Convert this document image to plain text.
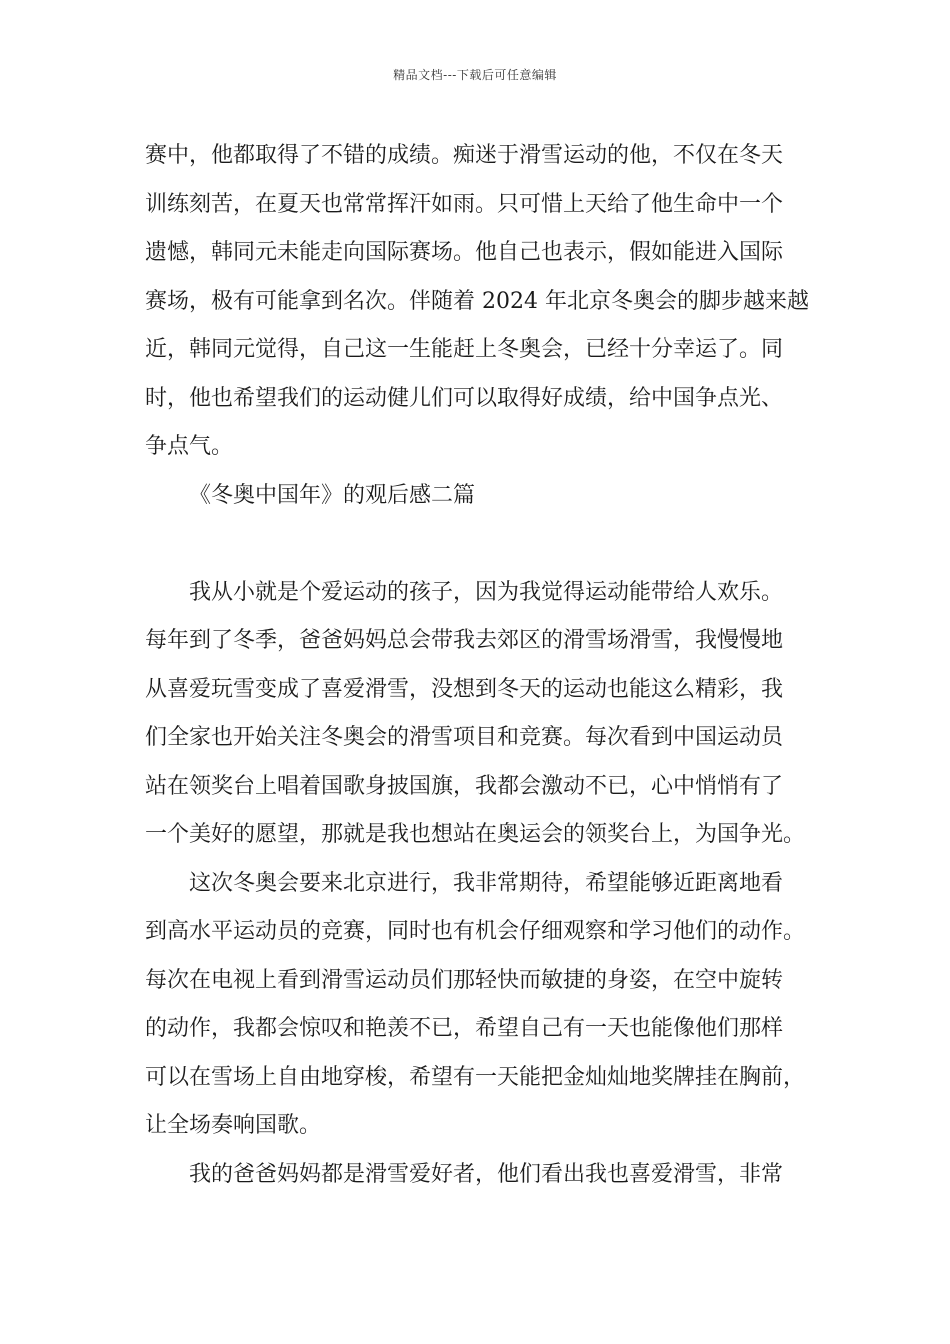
精品文档---下载后可任意编辑
赛中，他都取得了不错的成绩。痴迷于滑雪运动的他，不仅在冬天
训练刻苦，在夏天也常常挥汗如雨。只可惜上天给了他生命中一个
遗憾，韩同元未能走向国际赛场。他自己也表示，假如能进入国际
赛场，极有可能拿到名次。伴随着 2024 年北京冬奥会的脚步越来越
近，韩同元觉得，自己这一生能赶上冬奥会，已经十分幸运了。同
时，他也希望我们的运动健儿们可以取得好成绩，给中国争点光、
争点气。
《冬奥中国年》的观后感二篇
我从小就是个爱运动的孩子，因为我觉得运动能带给人欢乐。
每年到了冬季，爸爸妈妈总会带我去郊区的滑雪场滑雪，我慢慢地
从喜爱玩雪变成了喜爱滑雪，没想到冬天的运动也能这么精彩，我
们全家也开始关注冬奥会的滑雪项目和竞赛。每次看到中国运动员
站在领奖台上唱着国歌身披国旗，我都会激动不已，心中悄悄有了
一个美好的愿望，那就是我也想站在奥运会的领奖台上，为国争光。
这次冬奥会要来北京进行，我非常期待，希望能够近距离地看
到高水平运动员的竞赛，同时也有机会仔细观察和学习他们的动作。
每次在电视上看到滑雪运动员们那轻快而敏捷的身姿，在空中旋转
的动作，我都会惊叹和艳羡不已，希望自己有一天也能像他们那样
可以在雪场上自由地穿梭，希望有一天能把金灿灿地奖牌挂在胸前，
让全场奏响国歌。
我的爸爸妈妈都是滑雪爱好者，他们看出我也喜爱滑雪，非常
